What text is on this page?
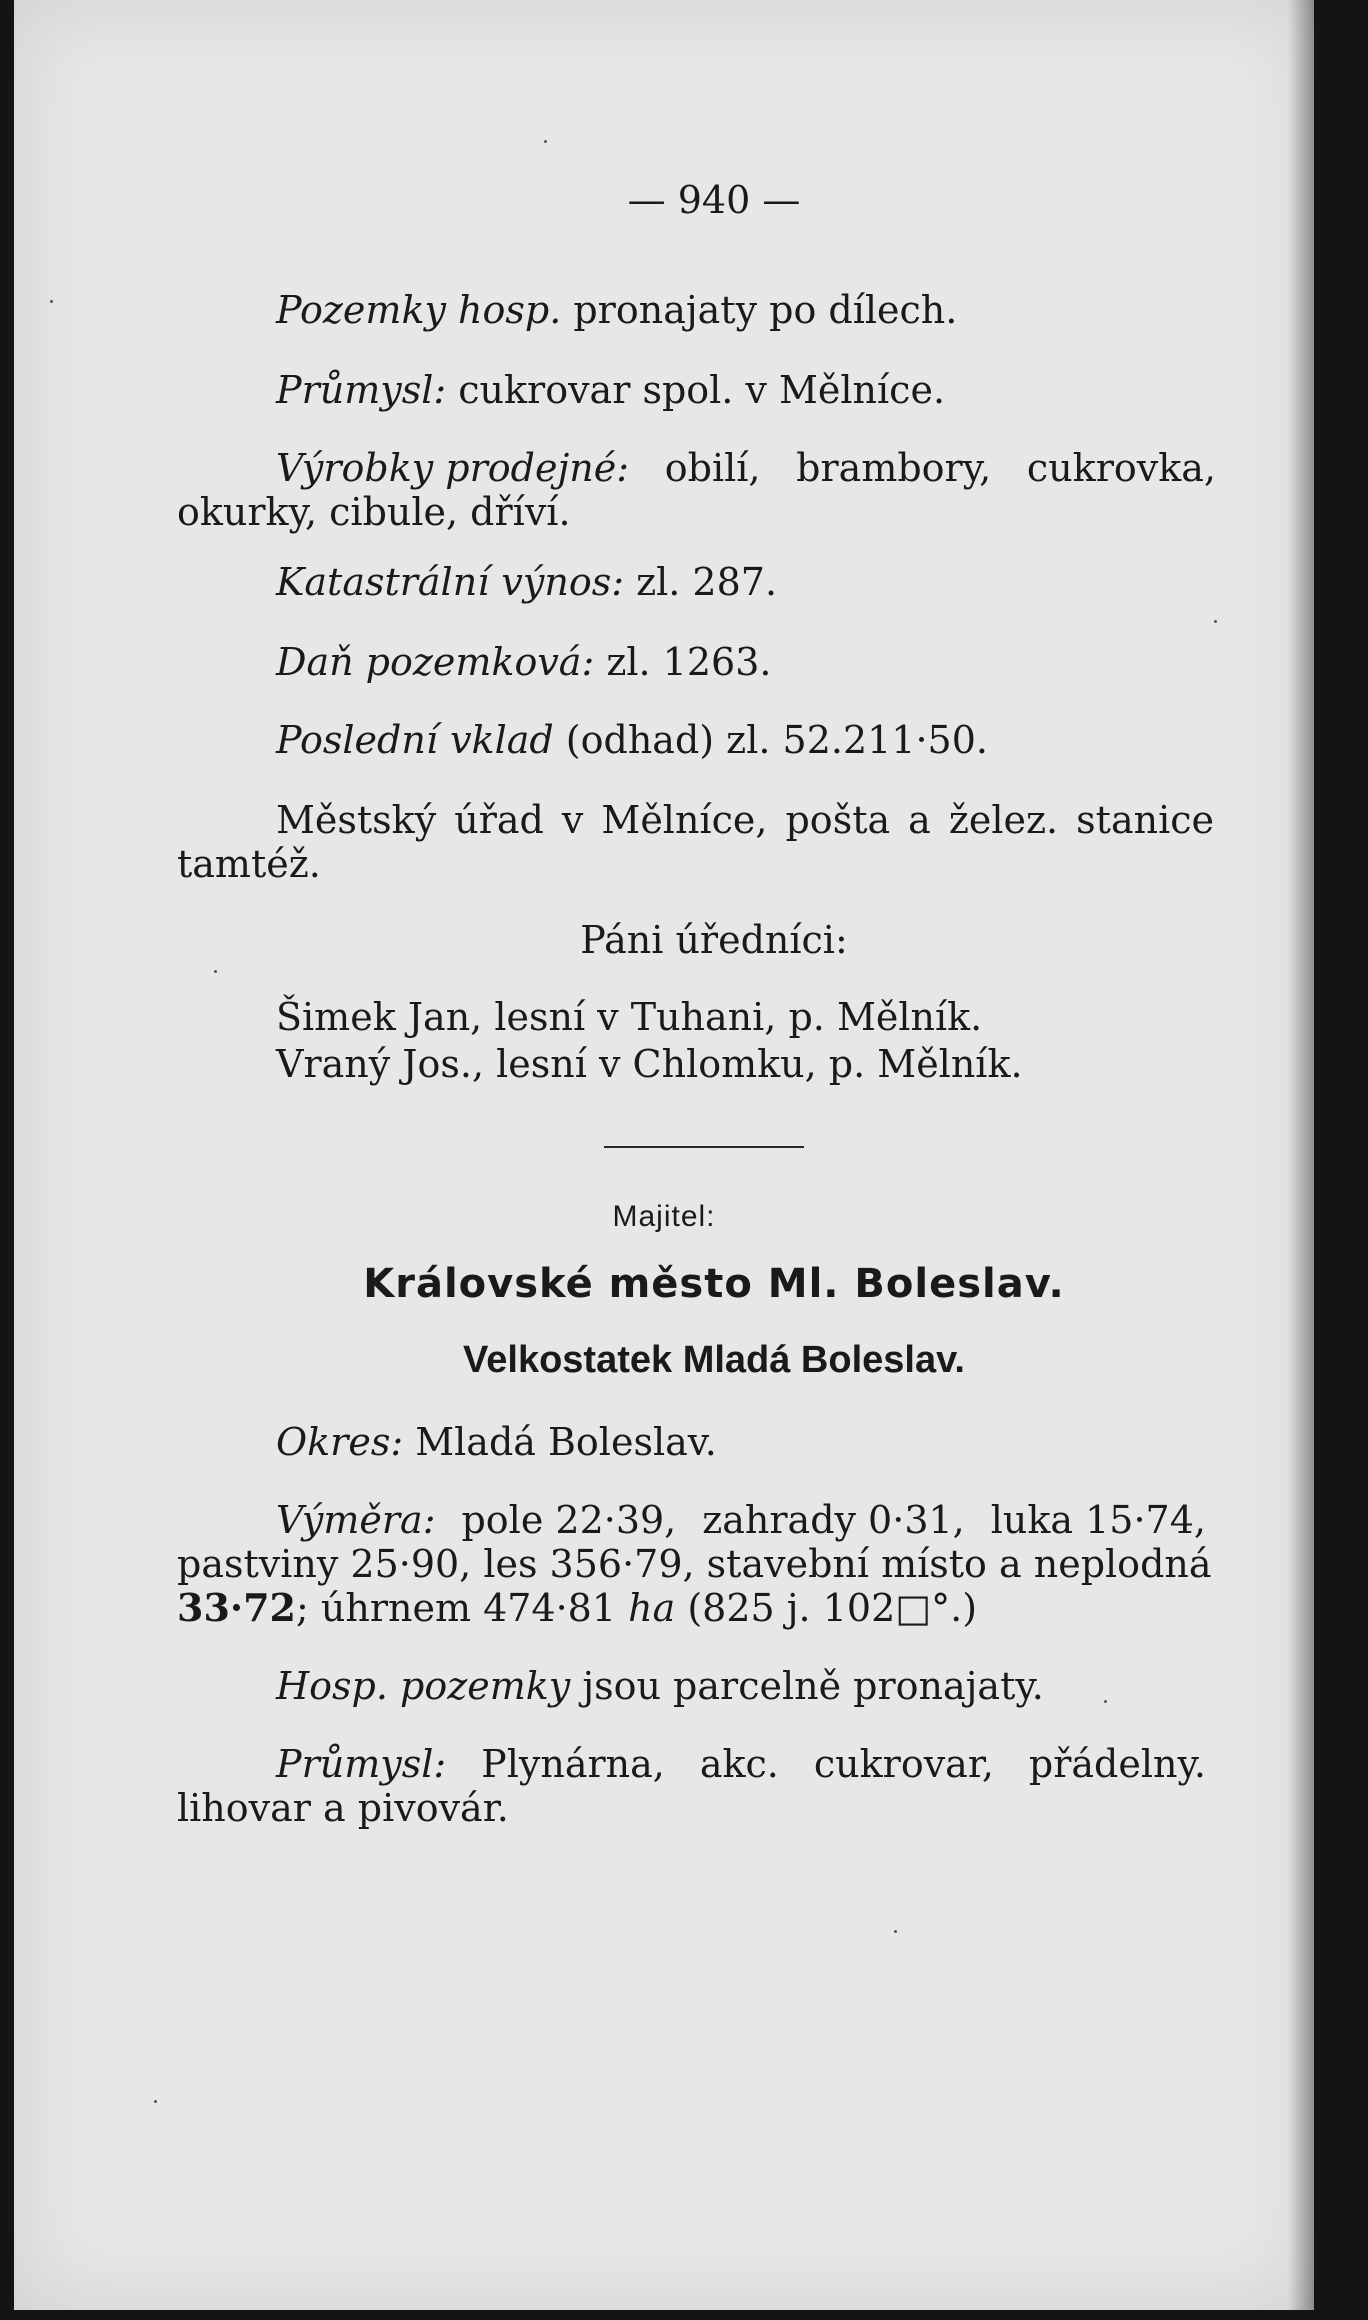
— 940 —
Pozemky hosp. pronajaty po dílech.
Průmysl: cukrovar spol. v Mělníce.
Výrobky prodejné: obilí, brambory, cukrovka,
okurky, cibule, dříví.
Katastrální výnos: zl. 287.
Daň pozemková: zl. 1263.
Poslední vklad (odhad) zl. 52.211·50.
Městský úřad v Mělníce, pošta a želez. stanice
tamtéž.
Páni úředníci:
Šimek Jan, lesní v Tuhani, p. Mělník.
Vraný Jos., lesní v Chlomku, p. Mělník.
Majitel:
Královské město Ml. Boleslav.
Velkostatek Mladá Boleslav.
Okres: Mladá Boleslav.
Výměra: pole 22·39, zahrady 0·31, luka 15·74,
pastviny 25·90, les 356·79, stavební místo a neplodná
33·72; úhrnem 474·81 ha (825 j. 102□°.)
Hosp. pozemky jsou parcelně pronajaty.
Průmysl: Plynárna, akc. cukrovar, přádelny.
lihovar a pivovár.
